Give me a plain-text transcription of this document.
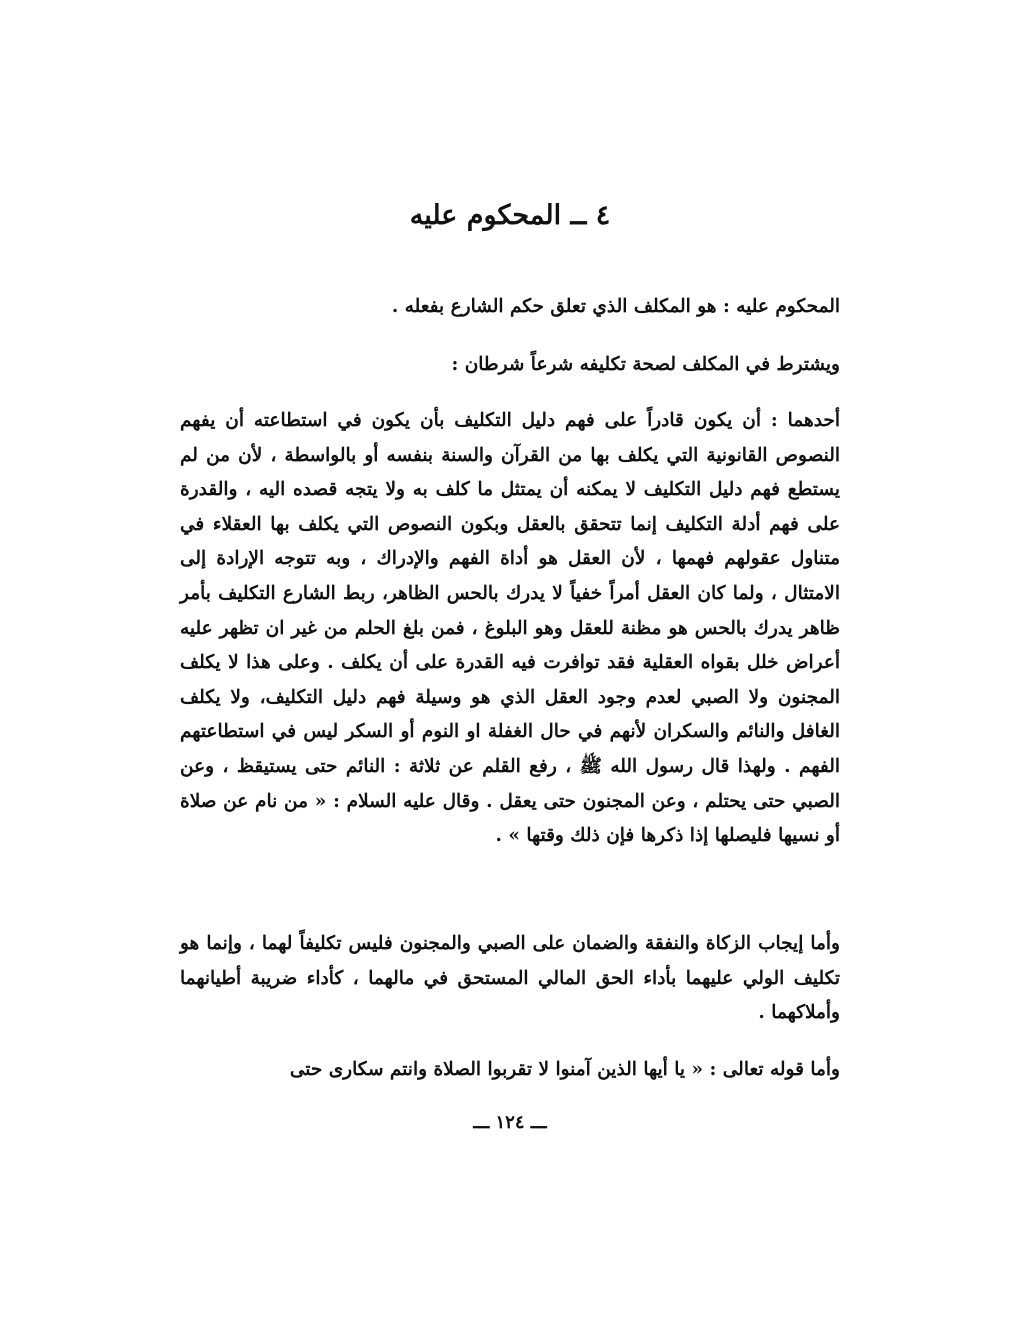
٤ ــ المحكوم عليه

المحكوم عليه : هو المكلف الذي تعلق حكم الشارع بفعله .

ويشترط في المكلف لصحة تكليفه شرعاً شرطان :

أحدهما : أن يكون قادراً على فهم دليل التكليف بأن يكون في استطاعته أن يفهم النصوص القانونية التي يكلف بها من القرآن والسنة بنفسه أو بالواسطة ، لأن من لم يستطع فهم دليل التكليف لا يمكنه أن يمتثل ما كلف به ولا يتجه قصده اليه ، والقدرة على فهم أدلة التكليف إنما تتحقق بالعقل وبكون النصوص التي يكلف بها العقلاء في متناول عقولهم فهمها ، لأن العقل هو أداة الفهم والإدراك ، وبه تتوجه الإرادة إلى الامتثال ، ولما كان العقل أمراً خفياً لا يدرك بالحس الظاهر، ربط الشارع التكليف بأمر ظاهر يدرك بالحس هو مظنة للعقل وهو البلوغ ، فمن بلغ الحلم من غير ان تظهر عليه أعراض خلل بقواه العقلية فقد توافرت فيه القدرة على أن يكلف . وعلى هذا لا يكلف المجنون ولا الصبي لعدم وجود العقل الذي هو وسيلة فهم دليل التكليف، ولا يكلف الغافل والنائم والسكران لأنهم في حال الغفلة او النوم أو السكر ليس في استطاعتهم الفهم . ولهذا قال رسول الله ﷺ ، رفع القلم عن ثلاثة : النائم حتى يستيقظ ، وعن الصبي حتى يحتلم ، وعن المجنون حتى يعقل . وقال عليه السلام : « من نام عن صلاة أو نسيها فليصلها إذا ذكرها فإن ذلك وقتها » .

وأما إيجاب الزكاة والنفقة والضمان على الصبي والمجنون فليس تكليفاً لهما ، وإنما هو تكليف الولي عليهما بأداء الحق المالي المستحق في مالهما ، كأداء ضريبة أطيانهما وأملاكهما .

وأما قوله تعالى : « يا أيها الذين آمنوا لا تقربوا الصلاة وانتم سكارى حتى

ـــ ١٢٤ ـــ
